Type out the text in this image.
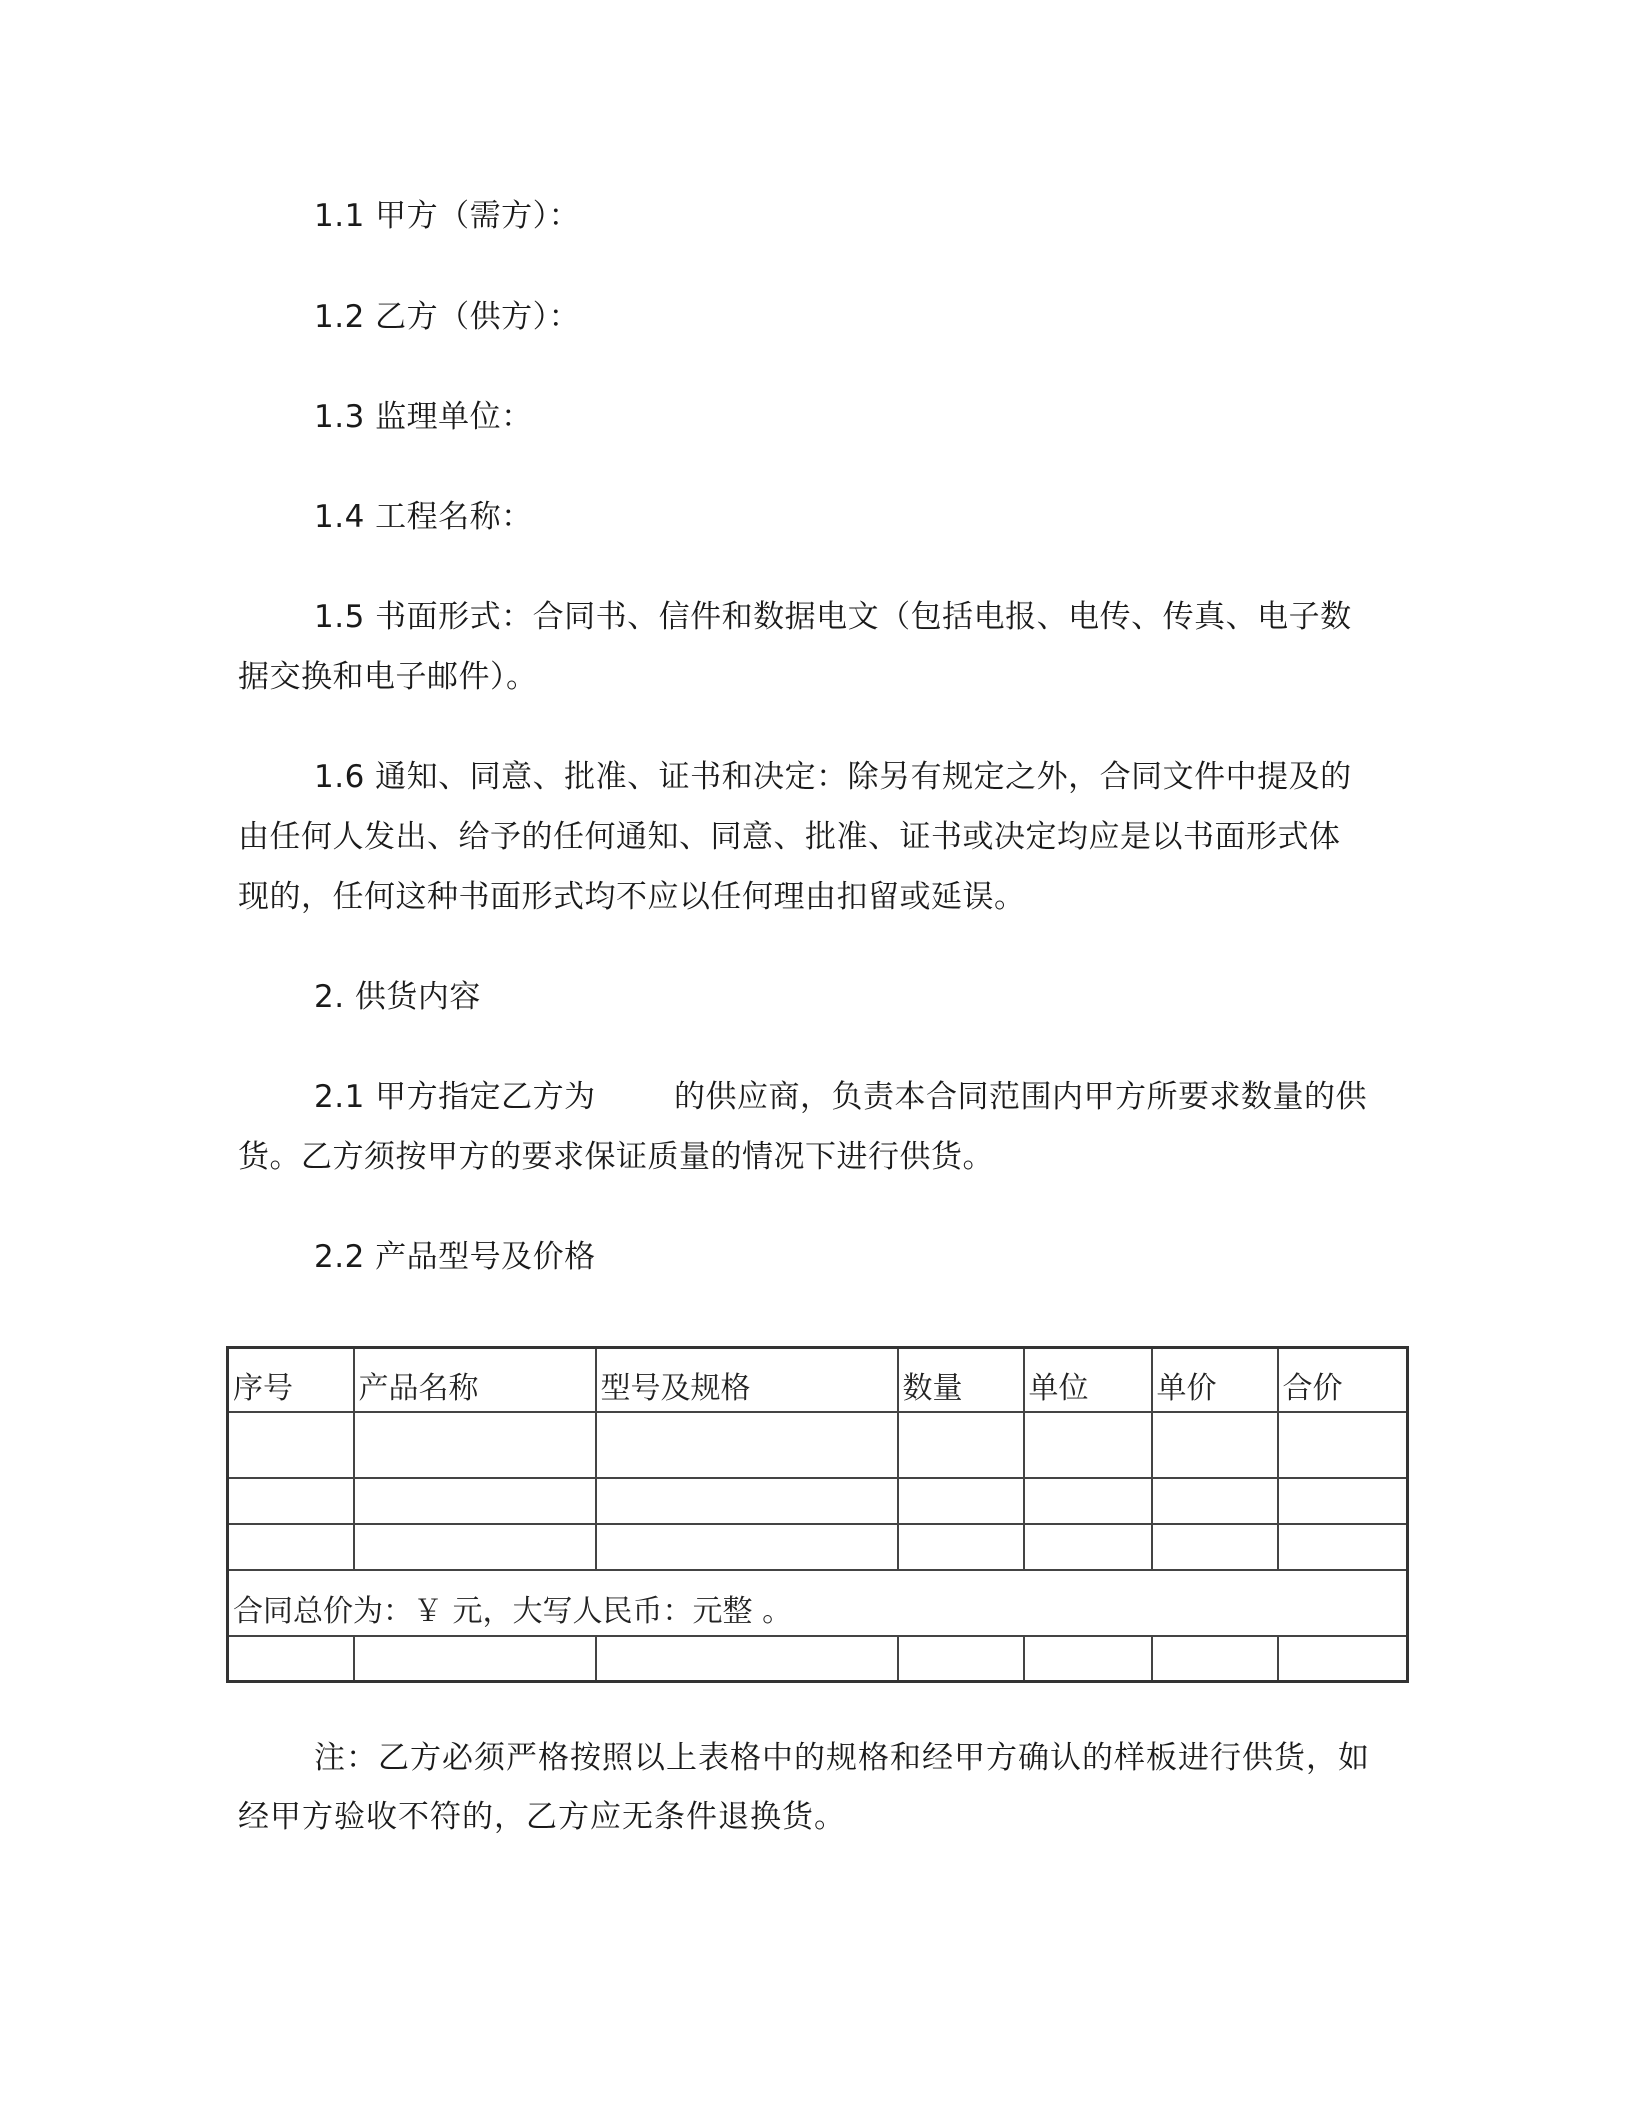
1.1 甲方（需方）：

1.2 乙方（供方）：

1.3 监理单位：

1.4 工程名称：

1.5 书面形式：合同书、信件和数据电文（包括电报、电传、传真、电子数

据交换和电子邮件）。

1.6 通知、同意、批准、证书和决定：除另有规定之外，合同文件中提及的

由任何人发出、给予的任何通知、同意、批准、证书或决定均应是以书面形式体

现的，任何这种书面形式均不应以任何理由扣留或延误。

2. 供货内容

2.1 甲方指定乙方为	的供应商，负责本合同范围内甲方所要求数量的供

货。乙方须按甲方的要求保证质量的情况下进行供货。

2.2 产品型号及价格

序号	产品名称	型号及规格	数量	单位	单价	合价

合同总价为：￥ 元，大写人民币：元整 。						

注：乙方必须严格按照以上表格中的规格和经甲方确认的样板进行供货，如

经甲方验收不符的，乙方应无条件退换货。
